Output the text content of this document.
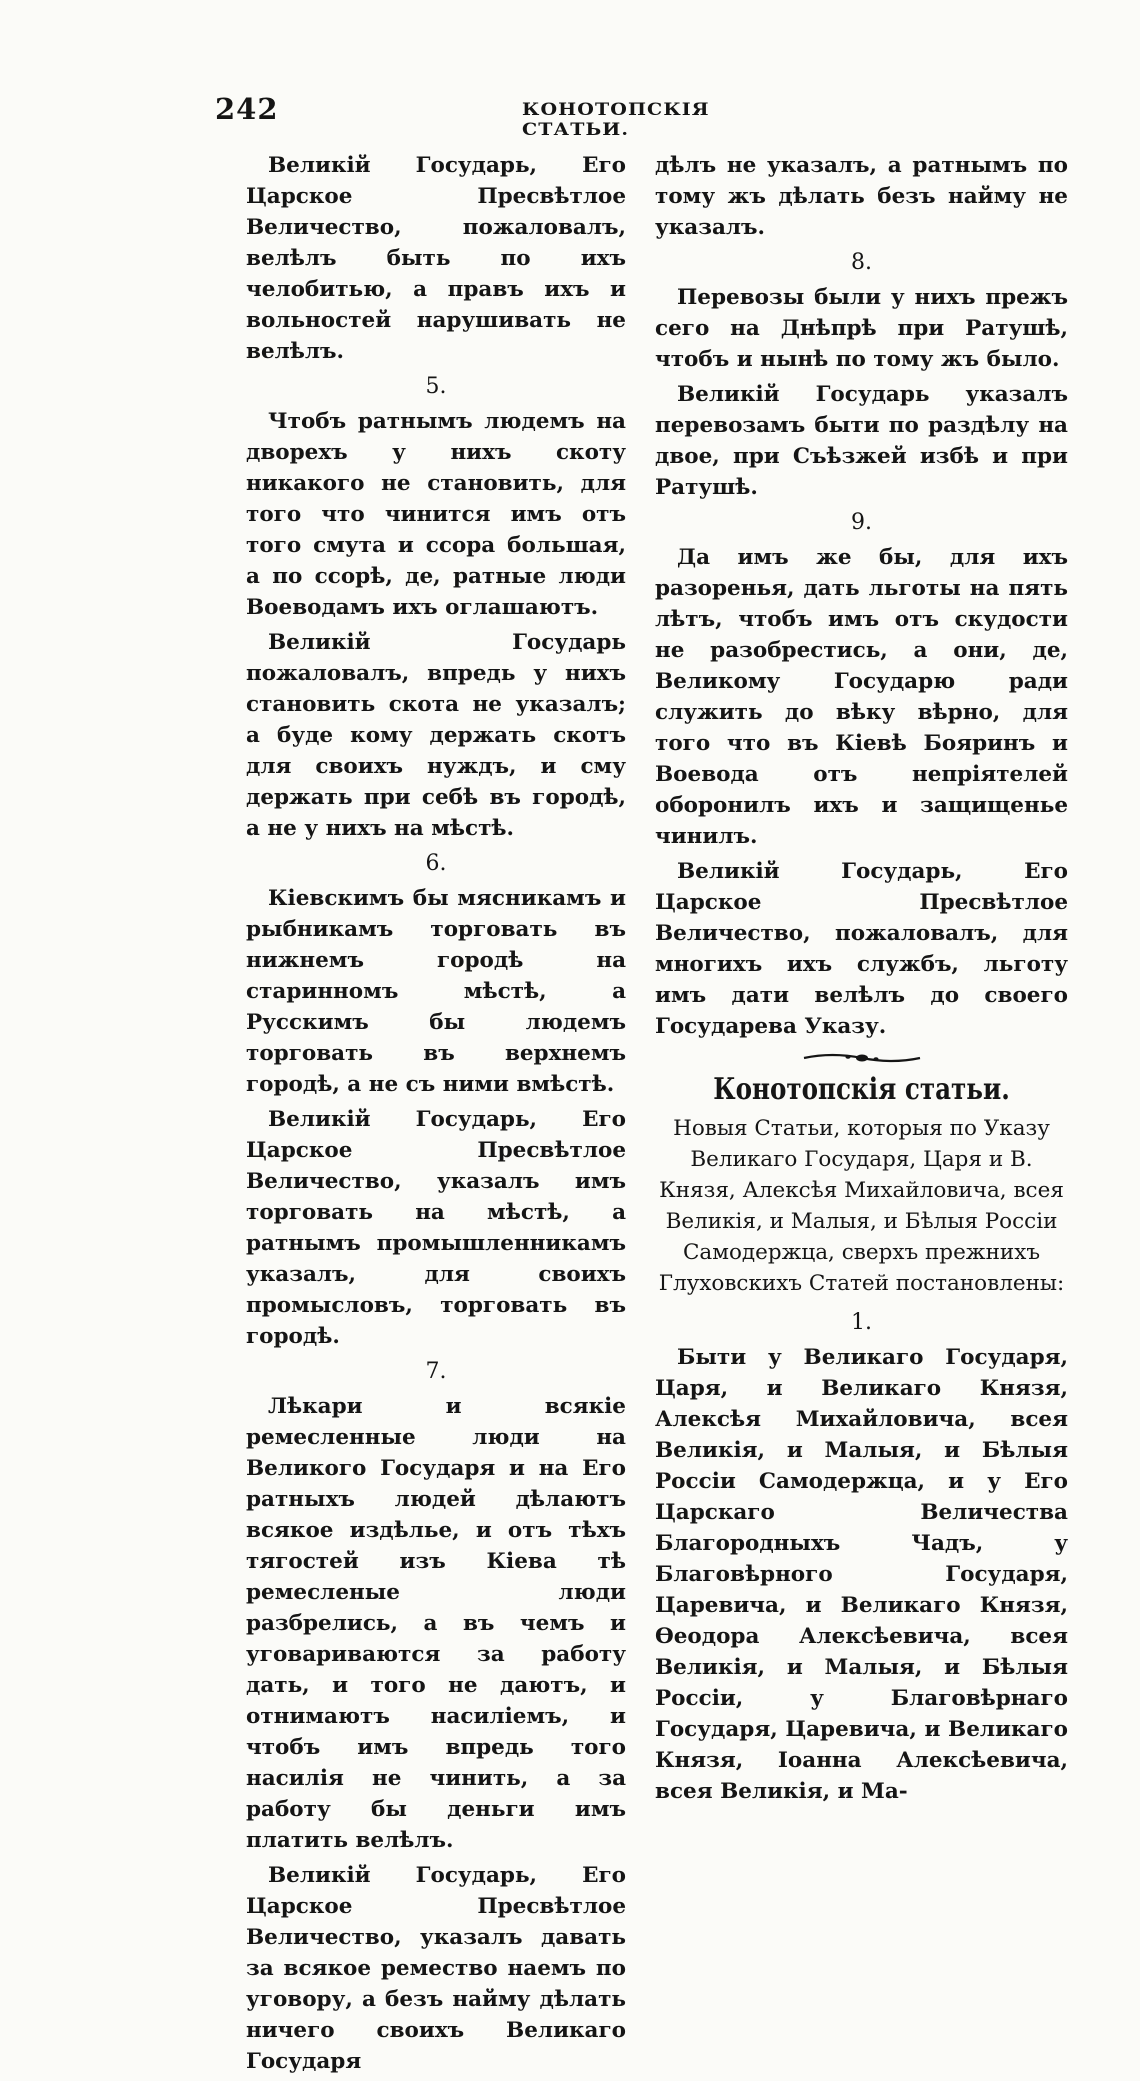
242	КОНОТОПСКІЯ СТАТЬИ.

Великій Государь, Его Царское Пресвѣтлое Величество, пожаловалъ, велѣлъ быть по ихъ челобитью, а правъ ихъ и вольностей нарушивать не велѣлъ.

5.

Чтобъ ратнымъ людемъ на дворехъ у нихъ скоту никакого не становить, для того что чинится имъ отъ того смута и ссора большая, а по ссорѣ, де, ратные люди Воеводамъ ихъ оглашаютъ.

Великій Государь пожаловалъ, впредь у нихъ становить скота не указалъ; а буде кому держать скотъ для своихъ нуждъ, и сму держать при себѣ въ городѣ, а не у нихъ на мѣстѣ.

6.

Кіевскимъ бы мясникамъ и рыбникамъ торговать въ нижнемъ городѣ на старинномъ мѣстѣ, а Русскимъ бы людемъ торговать въ верхнемъ городѣ, а не съ ними вмѣстѣ.

Великій Государь, Его Царское Пресвѣтлое Величество, указалъ имъ торговать на мѣстѣ, а ратнымъ промышленникамъ указалъ, для своихъ промысловъ, торговать въ городѣ.

7.

Лѣкари и всякіе ремесленные люди на Великого Государя и на Его ратныхъ людей дѣлаютъ всякое издѣлье, и отъ тѣхъ тягостей изъ Кіева тѣ ремесленые люди разбрелись, а въ чемъ и уговариваются за работу дать, и того не даютъ, и отнимаютъ насиліемъ, и чтобъ имъ впредь того насилія не чинить, а за работу бы деньги имъ платить велѣлъ.

Великій Государь, Его Царское Пресвѣтлое Величество, указалъ давать за всякое ремество наемъ по уговору, а безъ найму дѣлать ничего своихъ Великаго Государя

дѣлъ не указалъ, а ратнымъ по тому жъ дѣлать безъ найму не указалъ.

8.

Перевозы были у нихъ прежъ сего на Днѣпрѣ при Ратушѣ, чтобъ и нынѣ по тому жъ было.

Великій Государь указалъ перевозамъ быти по раздѣлу на двое, при Съѣзжей избѣ и при Ратушѣ.

9.

Да имъ же бы, для ихъ разоренья, дать льготы на пять лѣтъ, чтобъ имъ отъ скудости не разобрестись, а они, де, Великому Государю ради служить до вѣку вѣрно, для того что въ Кіевѣ Бояринъ и Воевода отъ непріятелей оборонилъ ихъ и защищенье чинилъ.

Великій Государь, Его Царское Пресвѣтлое Величество, пожаловалъ, для многихъ ихъ службъ, льготу имъ дати велѣлъ до своего Государева Указу.

Конотопскія статьи.

Новыя Статьи, которыя по Указу Великаго Государя, Царя и В. Князя, Алексѣя Михайловича, всея Великія, и Малыя, и Бѣлыя Россіи Самодержца, сверхъ прежнихъ Глуховскихъ Статей постановлены:

1.

Быти у Великаго Государя, Царя, и Великаго Князя, Алексѣя Михайловича, всея Великія, и Малыя, и Бѣлыя Россіи Самодержца, и у Его Царскаго Величества Благородныхъ Чадъ, у Благовѣрного Государя, Царевича, и Великаго Князя, Ѳеодора Алексѣевича, всея Великія, и Малыя, и Бѣлыя Россіи, у Благовѣрнаго Государя, Царевича, и Великаго Князя, Іоанна Алексѣевича, всея Великія, и Ма-
